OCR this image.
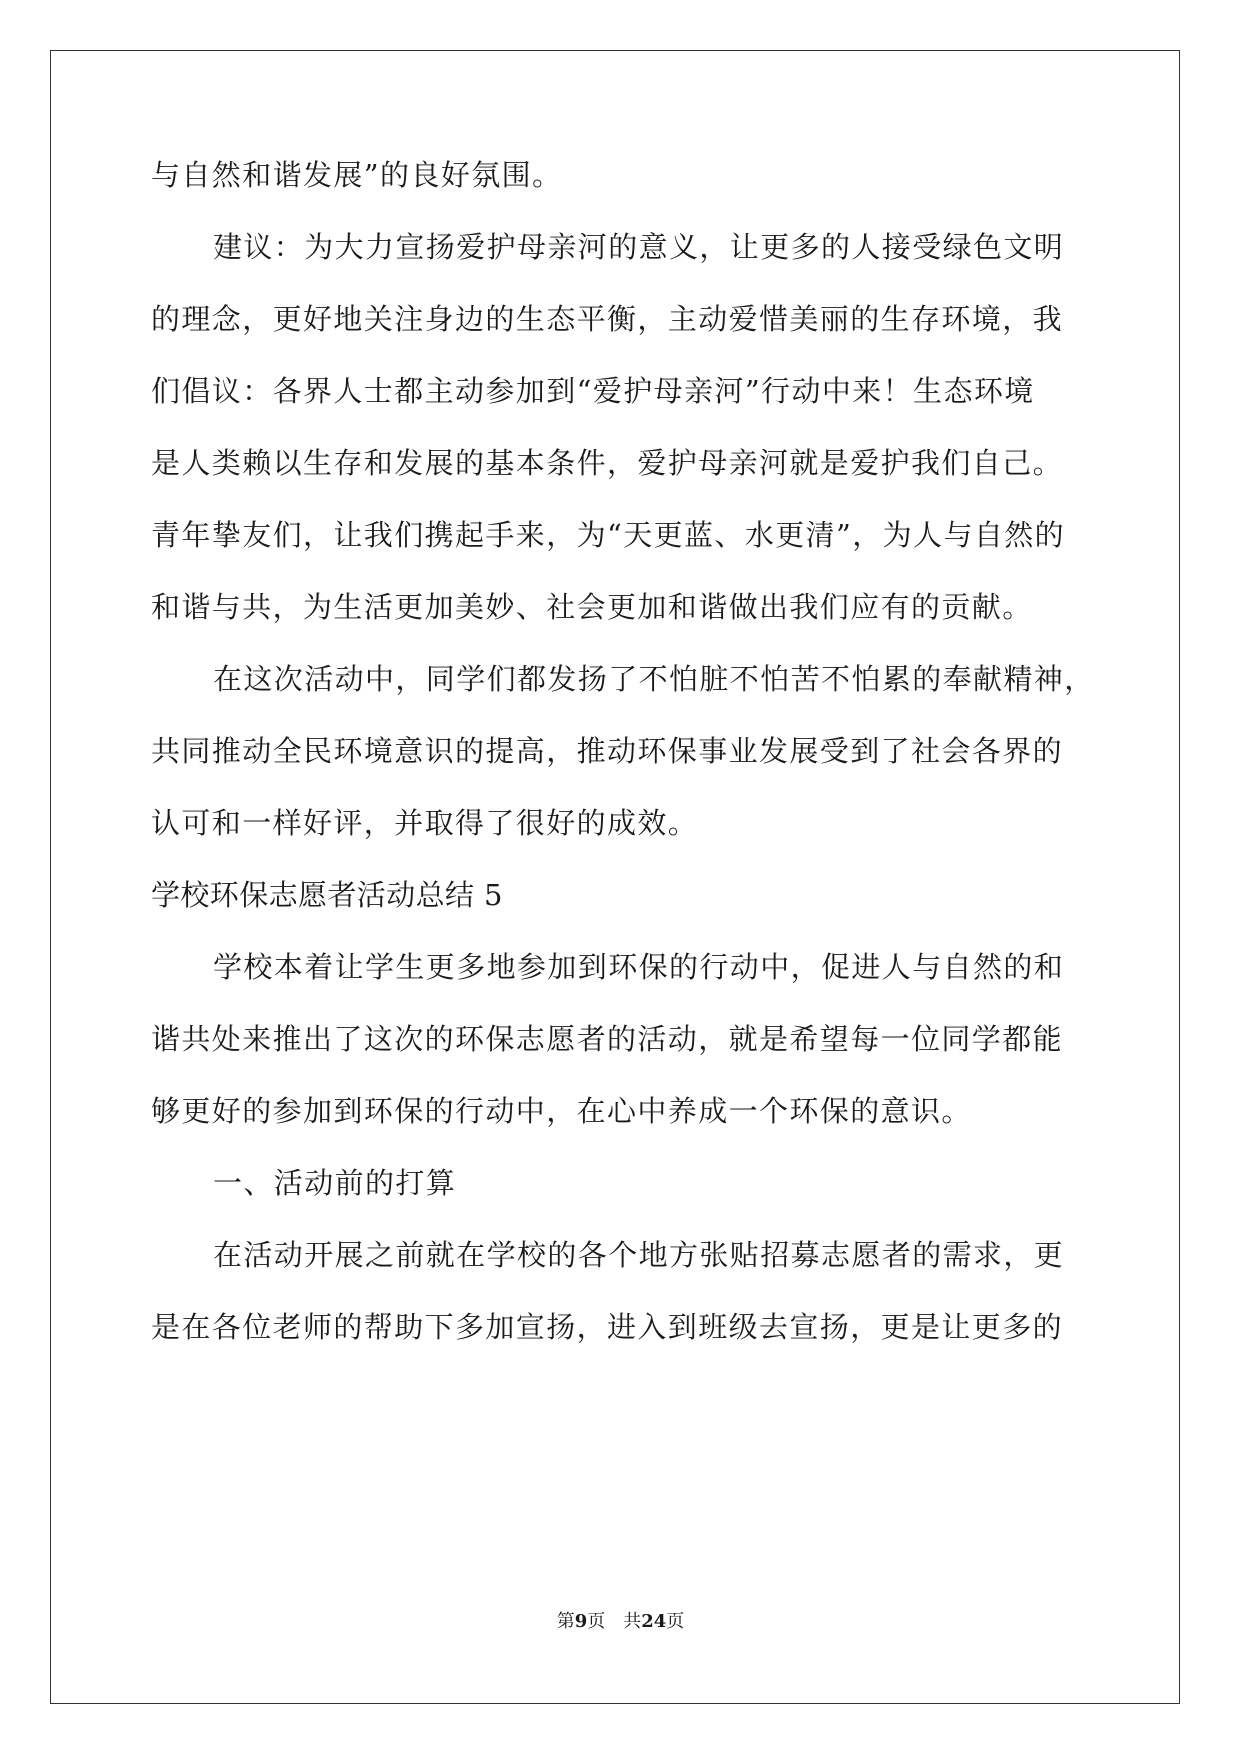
与自然和谐发展”的良好氛围。
建议：为大力宣扬爱护母亲河的意义，让更多的人接受绿色文明
的理念，更好地关注身边的生态平衡，主动爱惜美丽的生存环境，我
们倡议：各界人士都主动参加到“爱护母亲河”行动中来！生态环境
是人类赖以生存和发展的基本条件，爱护母亲河就是爱护我们自己。
青年挚友们，让我们携起手来，为“天更蓝、水更清”，为人与自然的
和谐与共，为生活更加美妙、社会更加和谐做出我们应有的贡献。
在这次活动中，同学们都发扬了不怕脏不怕苦不怕累的奉献精神，
共同推动全民环境意识的提高，推动环保事业发展受到了社会各界的
认可和一样好评，并取得了很好的成效。
学校环保志愿者活动总结 5
学校本着让学生更多地参加到环保的行动中，促进人与自然的和
谐共处来推出了这次的环保志愿者的活动，就是希望每一位同学都能
够更好的参加到环保的行动中，在心中养成一个环保的意识。
一、活动前的打算
在活动开展之前就在学校的各个地方张贴招募志愿者的需求，更
是在各位老师的帮助下多加宣扬，进入到班级去宣扬，更是让更多的
第9页 共24页
